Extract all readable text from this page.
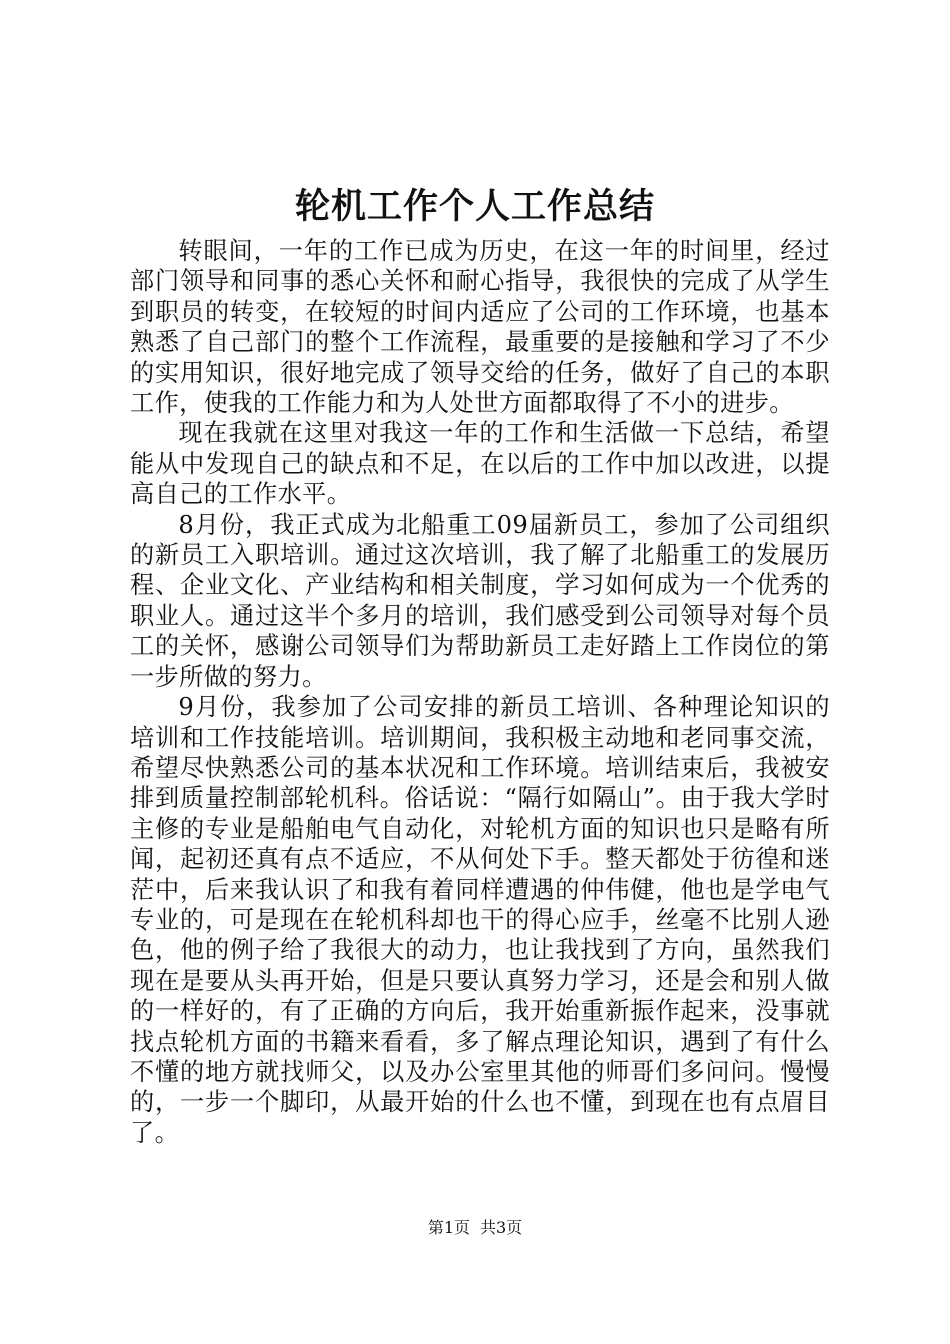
轮机工作个人工作总结

转眼间，一年的工作已成为历史，在这一年的时间里，经过部门领导和同事的悉心关怀和耐心指导，我很快的完成了从学生到职员的转变，在较短的时间内适应了公司的工作环境，也基本熟悉了自己部门的整个工作流程，最重要的是接触和学习了不少的实用知识，很好地完成了领导交给的任务，做好了自己的本职工作，使我的工作能力和为人处世方面都取得了不小的进步。

现在我就在这里对我这一年的工作和生活做一下总结，希望能从中发现自己的缺点和不足，在以后的工作中加以改进，以提高自己的工作水平。

8月份，我正式成为北船重工09届新员工，参加了公司组织的新员工入职培训。通过这次培训，我了解了北船重工的发展历程、企业文化、产业结构和相关制度，学习如何成为一个优秀的职业人。通过这半个多月的培训，我们感受到公司领导对每个员工的关怀，感谢公司领导们为帮助新员工走好踏上工作岗位的第一步所做的努力。

9月份，我参加了公司安排的新员工培训、各种理论知识的培训和工作技能培训。培训期间，我积极主动地和老同事交流，希望尽快熟悉公司的基本状况和工作环境。培训结束后，我被安排到质量控制部轮机科。俗话说：“隔行如隔山”。由于我大学时主修的专业是船舶电气自动化，对轮机方面的知识也只是略有所闻，起初还真有点不适应，不从何处下手。整天都处于彷徨和迷茫中，后来我认识了和我有着同样遭遇的仲伟健，他也是学电气专业的，可是现在在轮机科却也干的得心应手，丝毫不比别人逊色，他的例子给了我很大的动力，也让我找到了方向，虽然我们现在是要从头再开始，但是只要认真努力学习，还是会和别人做的一样好的，有了正确的方向后，我开始重新振作起来，没事就找点轮机方面的书籍来看看，多了解点理论知识，遇到了有什么不懂的地方就找师父，以及办公室里其他的师哥们多问问。慢慢的，一步一个脚印，从最开始的什么也不懂，到现在也有点眉目了。

第1页 共3页
